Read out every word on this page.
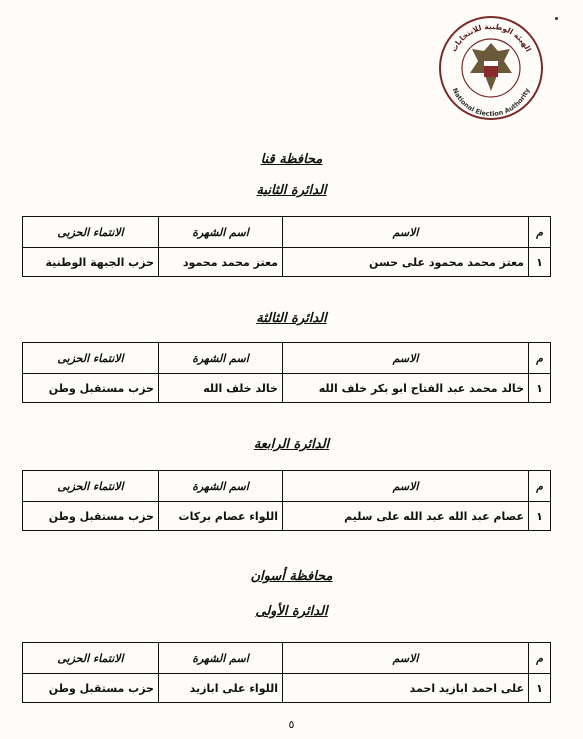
الهيئة الوطنية للانتخابات
National Election Authority
محافظة قنا
الدائرة الثانية
م	الاسم	اسم الشهرة	الانتماء الحزبى
١	معتز محمد محمود على حسن	معتز محمد محمود	حزب الجبهة الوطنية
الدائرة الثالثة
م	الاسم	اسم الشهرة	الانتماء الحزبى
١	خالد محمد عبد الفتاح ابو بكر خلف الله	خالد خلف الله	حزب مستقبل وطن
الدائرة الرابعة
م	الاسم	اسم الشهرة	الانتماء الحزبى
١	عصام عبد الله عبد الله على سليم	اللواء عصام بركات	حزب مستقبل وطن
محافظة أسوان
الدائرة الأولى
م	الاسم	اسم الشهرة	الانتماء الحزبى
١	على احمد ابازيد احمد	اللواء على ابازيد	حزب مستقبل وطن
٥
